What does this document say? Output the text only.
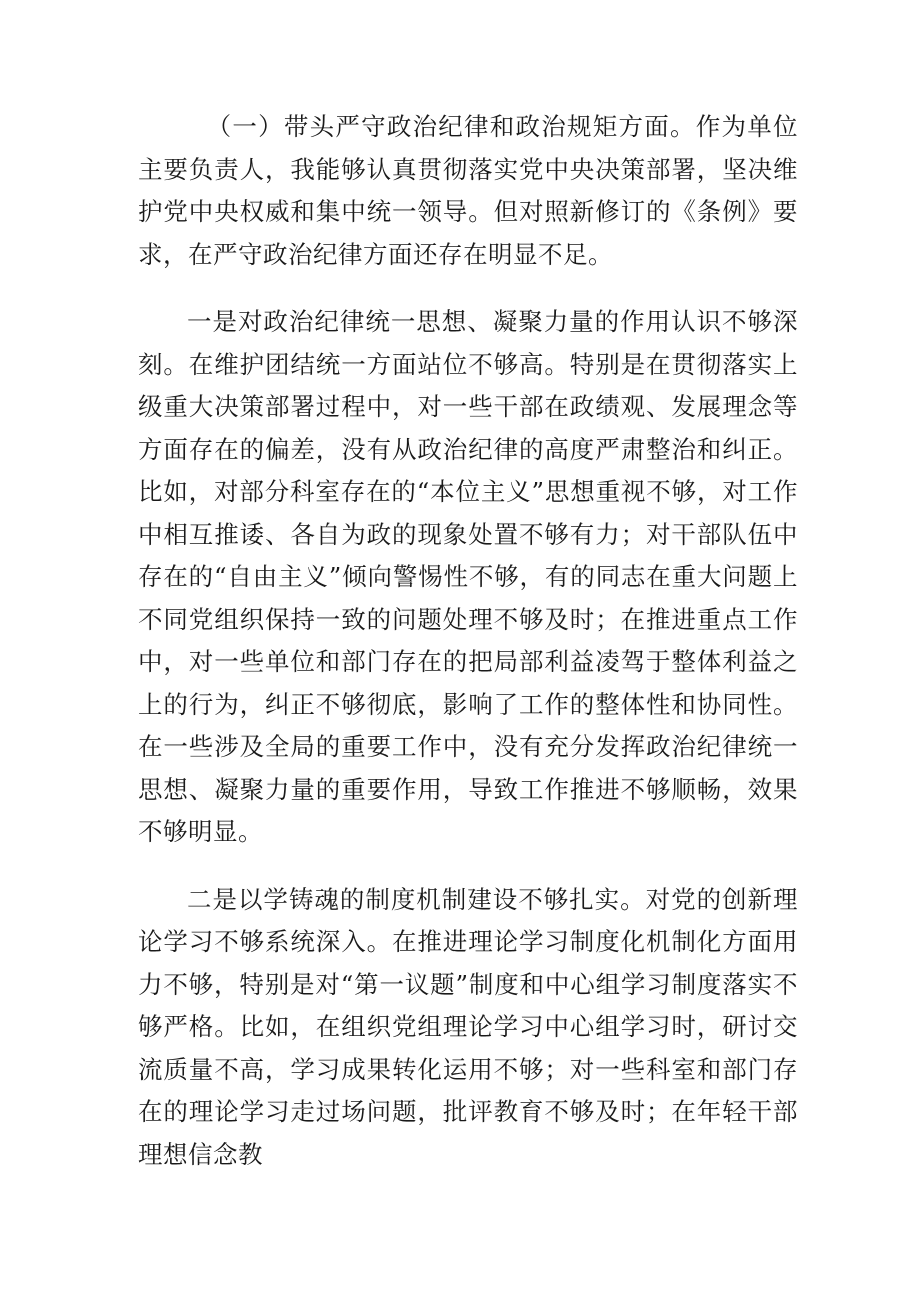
（一）带头严守政治纪律和政治规矩方面。作为单位主要负责人，我能够认真贯彻落实党中央决策部署，坚决维护党中央权威和集中统一领导。但对照新修订的《条例》要求，在严守政治纪律方面还存在明显不足。

一是对政治纪律统一思想、凝聚力量的作用认识不够深刻。在维护团结统一方面站位不够高。特别是在贯彻落实上级重大决策部署过程中，对一些干部在政绩观、发展理念等方面存在的偏差，没有从政治纪律的高度严肃整治和纠正。比如，对部分科室存在的“本位主义”思想重视不够，对工作中相互推诿、各自为政的现象处置不够有力；对干部队伍中存在的“自由主义”倾向警惕性不够，有的同志在重大问题上不同党组织保持一致的问题处理不够及时；在推进重点工作中，对一些单位和部门存在的把局部利益凌驾于整体利益之上的行为，纠正不够彻底，影响了工作的整体性和协同性。在一些涉及全局的重要工作中，没有充分发挥政治纪律统一思想、凝聚力量的重要作用，导致工作推进不够顺畅，效果不够明显。

二是以学铸魂的制度机制建设不够扎实。对党的创新理论学习不够系统深入。在推进理论学习制度化机制化方面用力不够，特别是对“第一议题”制度和中心组学习制度落实不够严格。比如，在组织党组理论学习中心组学习时，研讨交流质量不高，学习成果转化运用不够；对一些科室和部门存在的理论学习走过场问题，批评教育不够及时；在年轻干部理想信念教
